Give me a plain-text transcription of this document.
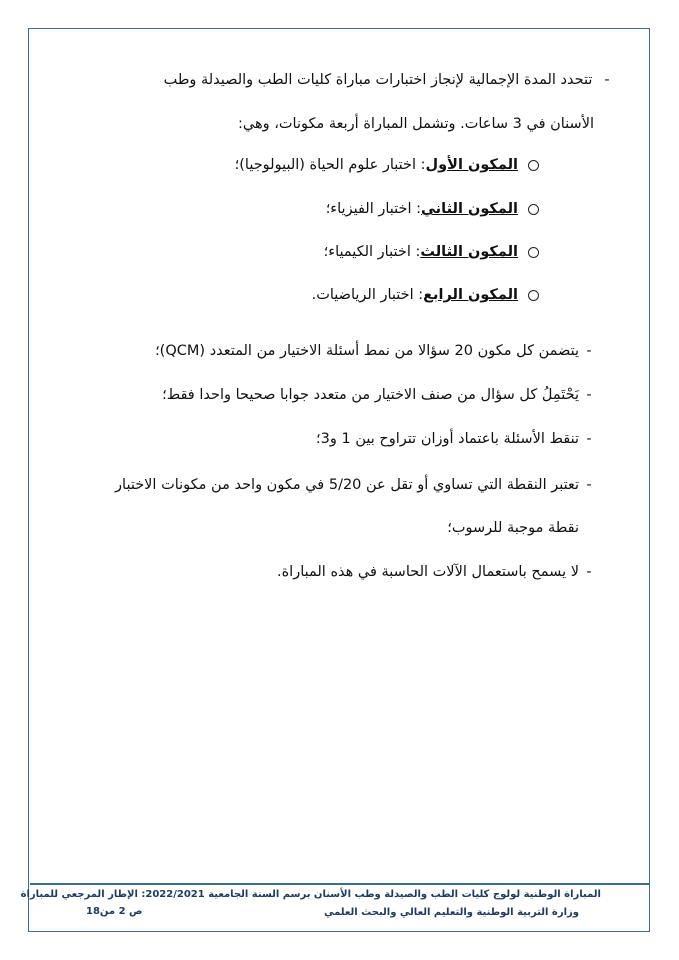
- تتحدد المدة الإجمالية لإنجاز اختبارات مباراة كليات الطب والصيدلة وطب
الأسنان في 3 ساعات. وتشمل المباراة أربعة مكونات، وهي:
المكون الأول: اختبار علوم الحياة (البيولوجيا)؛
المكون الثاني: اختبار الفيزياء؛
المكون الثالث: اختبار الكيمياء؛
المكون الرابع: اختبار الرياضيات.
-يتضمن كل مكون 20 سؤالا من نمط أسئلة الاختيار من المتعدد (QCM)؛
-يَحْتَمِلُ كل سؤال من صنف الاختيار من متعدد جوابا صحيحا واحدا فقط؛
-تنقط الأسئلة باعتماد أوزان تتراوح بين 1 و3؛
-تعتبر النقطة التي تساوي أو تقل عن 5/20 في مكون واحد من مكونات الاختبار
نقطة موجبة للرسوب؛
-لا يسمح باستعمال الآلات الحاسبة في هذه المباراة.
المباراة الوطنية لولوج كليات الطب والصيدلة وطب الأسنان برسم السنة الجامعية 2022/2021: الإطار المرجعي للمباراة
وزارة التربية الوطنية والتعليم العالي والبحث العلمي
ص 2 من18
